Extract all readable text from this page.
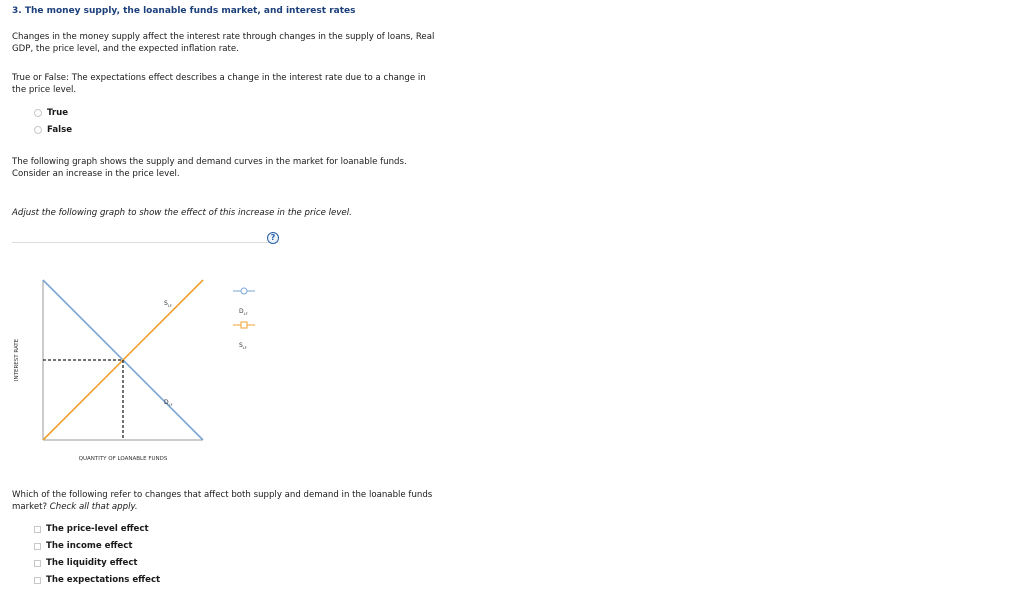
3. The money supply, the loanable funds market, and interest rates
Changes in the money supply affect the interest rate through changes in the supply of loans, Real
GDP, the price level, and the expected inflation rate.
True or False: The expectations effect describes a change in the interest rate due to a change in
the price level.
True
False
The following graph shows the supply and demand curves in the market for loanable funds.
Consider an increase in the price level.
Adjust the following graph to show the effect of this increase in the price level.
?
INTEREST RATE
QUANTITY OF LOANABLE FUNDS
$S_{LF}$
$D_{LF}$
$D_{LF}$
$S_{LF}$
Which of the following refer to changes that affect both supply and demand in the loanable funds
market? Check all that apply.
The price-level effect
The income effect
The liquidity effect
The expectations effect
